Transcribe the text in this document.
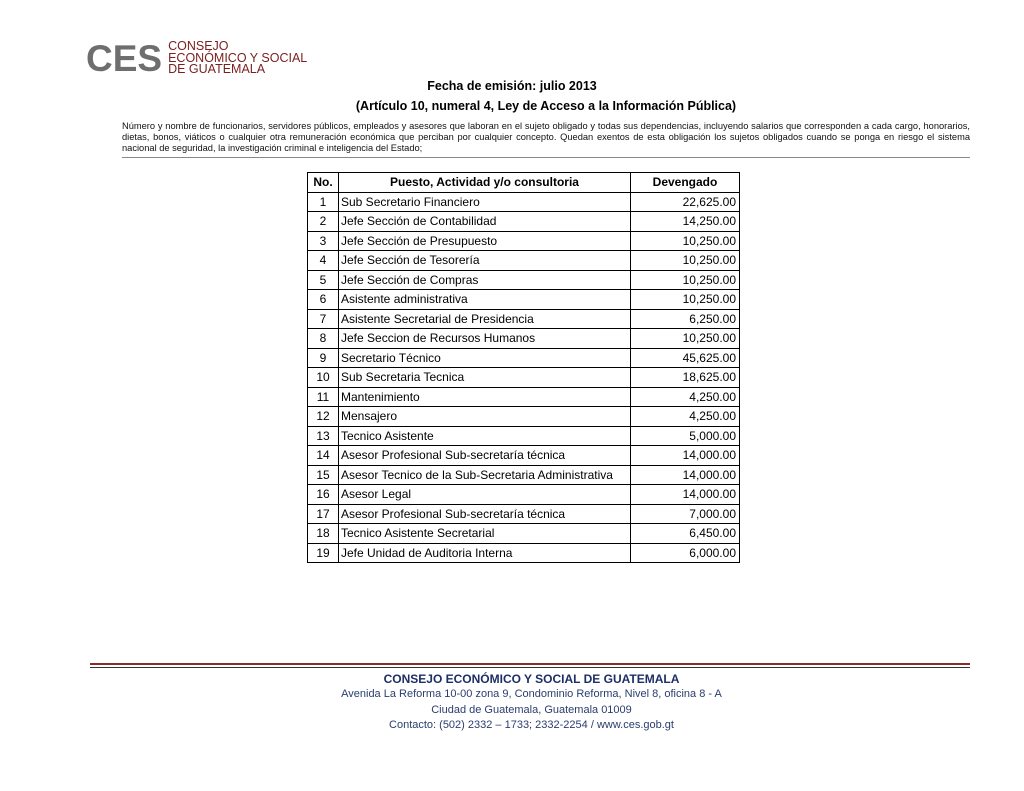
CES CONSEJO
ECONÓMICO Y SOCIAL
DE GUATEMALA
Fecha de emisión: julio 2013
(Artículo 10, numeral 4, Ley de Acceso a la Información Pública)
Número y nombre de funcionarios, servidores públicos, empleados y asesores que laboran en el sujeto obligado y todas sus dependencias, incluyendo salarios que corresponden a cada cargo, honorarios, dietas, bonos, viáticos o cualquier otra remuneración económica que perciban por cualquier concepto. Quedan exentos de esta obligación los sujetos obligados cuando se ponga en riesgo el sistema nacional de seguridad, la investigación criminal e inteligencia del Estado;
No.	Puesto, Actividad y/o consultoria	Devengado
1	Sub Secretario Financiero	22,625.00
2	Jefe Sección de Contabilidad	14,250.00
3	Jefe Sección de Presupuesto	10,250.00
4	Jefe Sección de Tesorería	10,250.00
5	Jefe Sección de Compras	10,250.00
6	Asistente administrativa	10,250.00
7	Asistente Secretarial de Presidencia	6,250.00
8	Jefe Seccion de Recursos Humanos	10,250.00
9	Secretario Técnico	45,625.00
10	Sub Secretaria Tecnica	18,625.00
11	Mantenimiento	4,250.00
12	Mensajero	4,250.00
13	Tecnico Asistente	5,000.00
14	Asesor Profesional Sub-secretaría técnica	14,000.00
15	Asesor Tecnico de la Sub-Secretaria Administrativa	14,000.00
16	Asesor Legal	14,000.00
17	Asesor Profesional Sub-secretaría técnica	7,000.00
18	Tecnico Asistente Secretarial	6,450.00
19	Jefe Unidad de Auditoria Interna	6,000.00
CONSEJO ECONÓMICO Y SOCIAL DE GUATEMALA
Avenida La Reforma 10-00 zona 9, Condominio Reforma, Nivel 8, oficina 8 - A
Ciudad de Guatemala, Guatemala 01009
Contacto: (502) 2332 – 1733; 2332-2254 / www.ces.gob.gt
